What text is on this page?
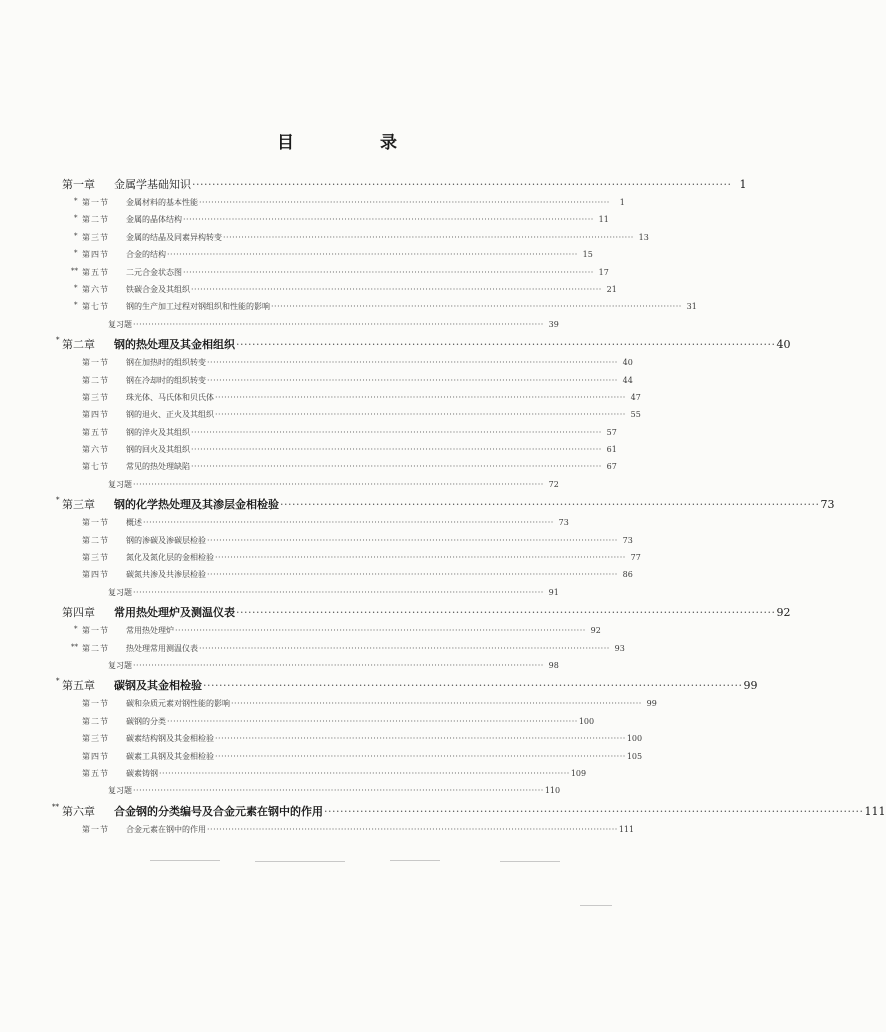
目 录
第一章	金属学基础知识 ·····	1
* 第一节 金属材料的基本性能 ·····	1
* 第二节 金属的晶体结构 ·····	11
* 第三节 金属的结晶及同素异构转变 ·····	13
* 第四节 合金的结构 ·····	15
** 第五节 二元合金状态图 ·····	17
* 第六节 铁碳合金及其组织 ·····	21
* 第七节 钢的生产加工过程对钢组织和性能的影响 ·····	31
复习题 ·····	39
* 第二章	钢的热处理及其金相组织 ·····	40
第一节 钢在加热时的组织转变 ·····	40
第二节 钢在冷却时的组织转变 ·····	44
第三节 珠光体、马氏体和贝氏体 ·····	47
第四节 钢的退火、正火及其组织 ·····	55
第五节 钢的淬火及其组织 ·····	57
第六节 钢的回火及其组织 ·····	61
第七节 常见的热处理缺陷 ·····	67
复习题 ·····	72
* 第三章	钢的化学热处理及其渗层金相检验 ·····	73
第一节 概述 ·····	73
第二节 钢的渗碳及渗碳层检验 ·····	73
第三节 氮化及氮化层的金相检验 ·····	77
第四节 碳氮共渗及共渗层检验 ·····	86
复习题 ·····	91
第四章	常用热处理炉及测温仪表 ·····	92
* 第一节 常用热处理炉 ·····	92
** 第二节 热处理常用测温仪表 ·····	93
复习题 ·····	98
* 第五章	碳钢及其金相检验 ·····	99
第一节 碳和杂质元素对钢性能的影响 ·····	99
第二节 碳钢的分类 ·····	100
第三节 碳素结构钢及其金相检验 ·····	100
第四节 碳素工具钢及其金相检验 ·····	105
第五节 碳素铸钢 ·····	109
复习题 ·····	110
** 第六章	合金钢的分类编号及合金元素在钢中的作用 ·····	111
第一节 合金元素在钢中的作用 ·····	111
